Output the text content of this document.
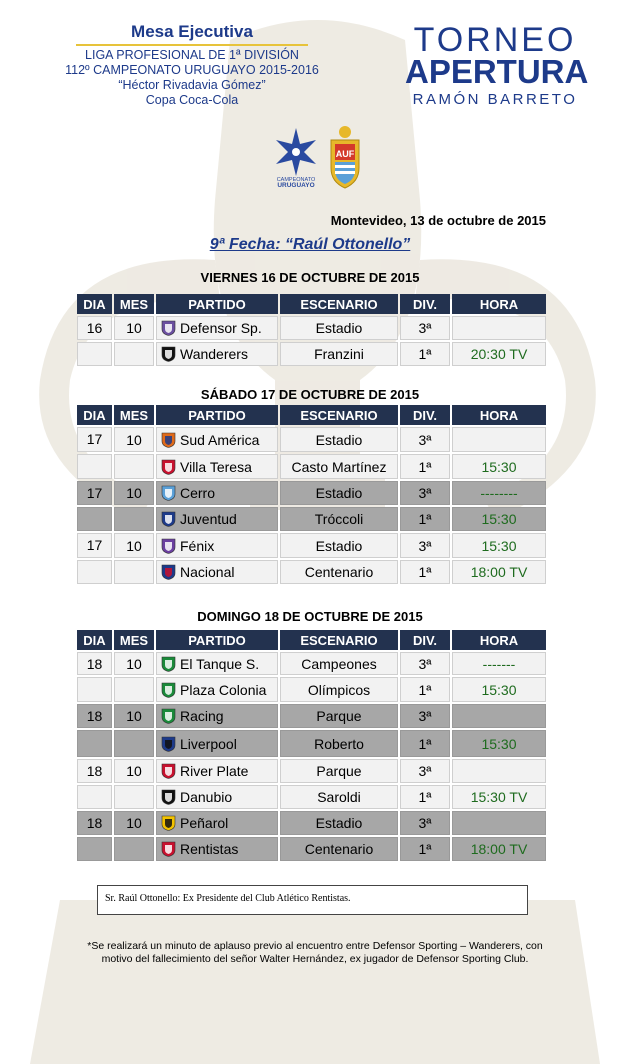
Mesa Ejecutiva
LIGA PROFESIONAL DE 1ª DIVISIÓN
112º CAMPEONATO URUGUAYO 2015-2016
“Héctor Rivadavia Gómez”
Copa Coca-Cola
TORNEO
APERTURA
RAMÓN BARRETO
CAMPEONATO
URUGUAYO
AUF
Montevideo, 13 de octubre de 2015
9ª Fecha: “Raúl Ottonello”
VIERNES 16 DE OCTUBRE DE 2015
DIA	MES	PARTIDO	ESCENARIO	DIV.	HORA
16	10	Defensor Sp.	Estadio	3ª	
		Wanderers	Franzini	1ª	20:30 TV
SÁBADO 17 DE OCTUBRE DE 2015
DIA	MES	PARTIDO	ESCENARIO	DIV.	HORA
17	10	Sud América	Estadio	3ª	
		Villa Teresa	Casto Martínez	1ª	15:30
17	10	Cerro	Estadio	3ª	--------
		Juventud	Tróccoli	1ª	15:30
17	10	Fénix	Estadio	3ª	15:30
		Nacional	Centenario	1ª	18:00 TV
DOMINGO 18 DE OCTUBRE DE 2015
DIA	MES	PARTIDO	ESCENARIO	DIV.	HORA
18	10	El Tanque S.	Campeones	3ª	-------
		Plaza Colonia	Olímpicos	1ª	15:30
18	10	Racing	Parque	3ª	
		Liverpool	Roberto	1ª	15:30
18	10	River Plate	Parque	3ª	
		Danubio	Saroldi	1ª	15:30 TV
18	10	Peñarol	Estadio	3ª	
		Rentistas	Centenario	1ª	18:00 TV
Sr. Raúl Ottonello: Ex Presidente del Club Atlético Rentistas.
*Se realizará un minuto de aplauso previo al encuentro entre Defensor Sporting – Wanderers, con motivo del fallecimiento del señor Walter Hernández, ex jugador de Defensor Sporting Club.
